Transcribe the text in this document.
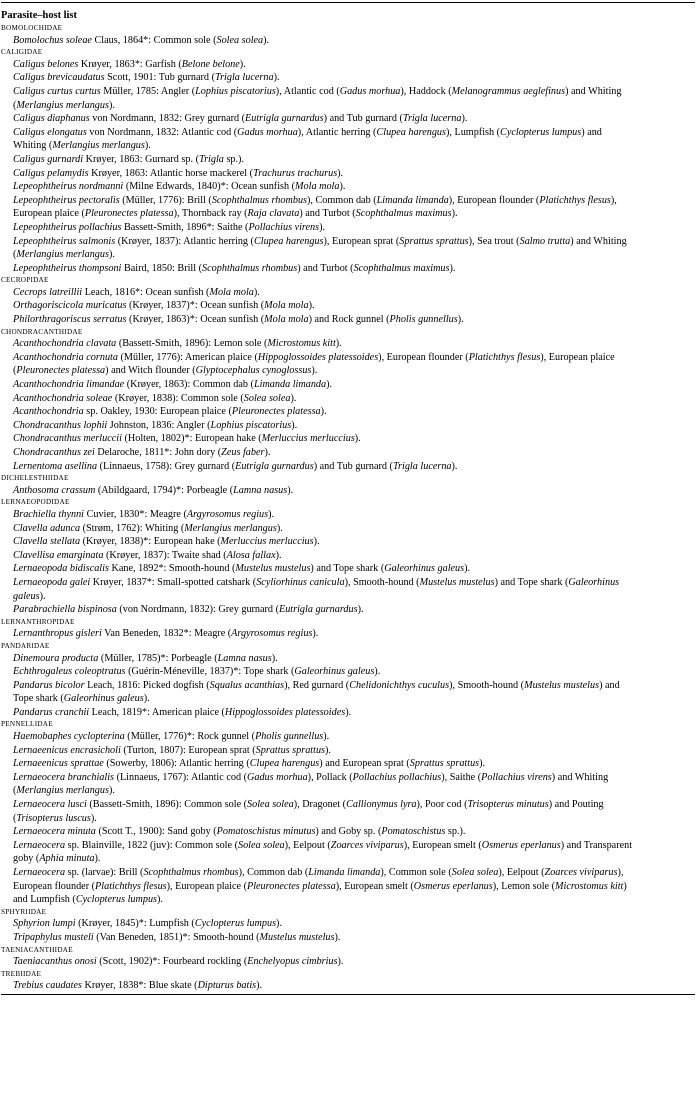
Parasite–host list
BOMOLOCHIDAE
Bomolochus soleae Claus, 1864*: Common sole (Solea solea).
CALIGIDAE
Caligus belones Krøyer, 1863*: Garfish (Belone belone).
Caligus brevicaudatus Scott, 1901: Tub gurnard (Trigla lucerna).
Caligus curtus curtus Müller, 1785: Angler (Lophius piscatorius), Atlantic cod (Gadus morhua), Haddock (Melanogrammus aeglefinus) and Whiting
(Merlangius merlangus).
Caligus diaphanus von Nordmann, 1832: Grey gurnard (Eutrigla gurnardus) and Tub gurnard (Trigla lucerna).
Caligus elongatus von Nordmann, 1832: Atlantic cod (Gadus morhua), Atlantic herring (Clupea harengus), Lumpfish (Cyclopterus lumpus) and
Whiting (Merlangius merlangus).
Caligus gurnardi Krøyer, 1863: Gurnard sp. (Trigla sp.).
Caligus pelamydis Krøyer, 1863: Atlantic horse mackerel (Trachurus trachurus).
Lepeophtheirus nordmanni (Milne Edwards, 1840)*: Ocean sunfish (Mola mola).
Lepeophtheirus pectoralis (Müller, 1776): Brill (Scophthalmus rhombus), Common dab (Limanda limanda), European flounder (Platichthys flesus),
European plaice (Pleuronectes platessa), Thornback ray (Raja clavata) and Turbot (Scophthalmus maximus).
Lepeophtheirus pollachius Bassett-Smith, 1896*: Saithe (Pollachius virens).
Lepeophtheirus salmonis (Krøyer, 1837): Atlantic herring (Clupea harengus), European sprat (Sprattus sprattus), Sea trout (Salmo trutta) and Whiting
(Merlangius merlangus).
Lepeophtheirus thompsoni Baird, 1850: Brill (Scophthalmus rhombus) and Turbot (Scophthalmus maximus).
CECROPIDAE
Cecrops latreillii Leach, 1816*: Ocean sunfish (Mola mola).
Orthagoriscicola muricatus (Krøyer, 1837)*: Ocean sunfish (Mola mola).
Philorthragoriscus serratus (Krøyer, 1863)*: Ocean sunfish (Mola mola) and Rock gunnel (Pholis gunnellus).
CHONDRACANTHIDAE
Acanthochondria clavata (Bassett-Smith, 1896): Lemon sole (Microstomus kitt).
Acanthochondria cornuta (Müller, 1776): American plaice (Hippoglossoides platessoides), European flounder (Platichthys flesus), European plaice
(Pleuronectes platessa) and Witch flounder (Glyptocephalus cynoglossus).
Acanthochondria limandae (Krøyer, 1863): Common dab (Limanda limanda).
Acanthochondria soleae (Krøyer, 1838): Common sole (Solea solea).
Acanthochondria sp. Oakley, 1930: European plaice (Pleuronectes platessa).
Chondracanthus lophii Johnston, 1836: Angler (Lophius piscatorius).
Chondracanthus merluccii (Holten, 1802)*: European hake (Merluccius merluccius).
Chondracanthus zei Delaroche, 1811*: John dory (Zeus faber).
Lernentoma asellina (Linnaeus, 1758): Grey gurnard (Eutrigla gurnardus) and Tub gurnard (Trigla lucerna).
DICHELESTHIIDAE
Anthosoma crassum (Abildgaard, 1794)*: Porbeagle (Lamna nasus).
LERNAEOPODIDAE
Brachiella thynni Cuvier, 1830*: Meagre (Argyrosomus regius).
Clavella adunca (Strøm, 1762): Whiting (Merlangius merlangus).
Clavella stellata (Krøyer, 1838)*: European hake (Merluccius merluccius).
Clavellisa emarginata (Krøyer, 1837): Twaite shad (Alosa fallax).
Lernaeopoda bidiscalis Kane, 1892*: Smooth-hound (Mustelus mustelus) and Tope shark (Galeorhinus galeus).
Lernaeopoda galei Krøyer, 1837*: Small-spotted catshark (Scyliorhinus canicula), Smooth-hound (Mustelus mustelus) and Tope shark (Galeorhinus
galeus).
Parabrachiella bispinosa (von Nordmann, 1832): Grey gurnard (Eutrigla gurnardus).
LERNANTHROPIDAE
Lernanthropus gisleri Van Beneden, 1832*: Meagre (Argyrosomus regius).
PANDARIDAE
Dinemoura producta (Müller, 1785)*: Porbeagle (Lamna nasus).
Echthrogaleus coleoptratus (Guérin-Méneville, 1837)*: Tope shark (Galeorhinus galeus).
Pandarus bicolor Leach, 1816: Picked dogfish (Squalus acanthias), Red gurnard (Chelidonichthys cuculus), Smooth-hound (Mustelus mustelus) and
Tope shark (Galeorhinus galeus).
Pandarus cranchii Leach, 1819*: American plaice (Hippoglossoides platessoides).
PENNELLIDAE
Haemobaphes cyclopterina (Müller, 1776)*: Rock gunnel (Pholis gunnellus).
Lernaeenicus encrasicholi (Turton, 1807): European sprat (Sprattus sprattus).
Lernaeenicus sprattae (Sowerby, 1806): Atlantic herring (Clupea harengus) and European sprat (Sprattus sprattus).
Lernaeocera branchialis (Linnaeus, 1767): Atlantic cod (Gadus morhua), Pollack (Pollachius pollachius), Saithe (Pollachius virens) and Whiting
(Merlangius merlangus).
Lernaeocera lusci (Bassett-Smith, 1896): Common sole (Solea solea), Dragonet (Callionymus lyra), Poor cod (Trisopterus minutus) and Pouting
(Trisopterus luscus).
Lernaeocera minuta (Scott T., 1900): Sand goby (Pomatoschistus minutus) and Goby sp. (Pomatoschistus sp.).
Lernaeocera sp. Blainville, 1822 (juv): Common sole (Solea solea), Eelpout (Zoarces viviparus), European smelt (Osmerus eperlanus) and Transparent
goby (Aphia minuta).
Lernaeocera sp. (larvae): Brill (Scophthalmus rhombus), Common dab (Limanda limanda), Common sole (Solea solea), Eelpout (Zoarces viviparus),
European flounder (Platichthys flesus), European plaice (Pleuronectes platessa), European smelt (Osmerus eperlanus), Lemon sole (Microstomus kitt)
and Lumpfish (Cyclopterus lumpus).
SPHYRIIDAE
Sphyrion lumpi (Krøyer, 1845)*: Lumpfish (Cyclopterus lumpus).
Tripaphylus musteli (Van Beneden, 1851)*: Smooth-hound (Mustelus mustelus).
TAENIACANTHIDAE
Taeniacanthus onosi (Scott, 1902)*: Fourbeard rockling (Enchelyopus cimbrius).
TREBIIDAE
Trebius caudates Krøyer, 1838*: Blue skate (Dipturus batis).
